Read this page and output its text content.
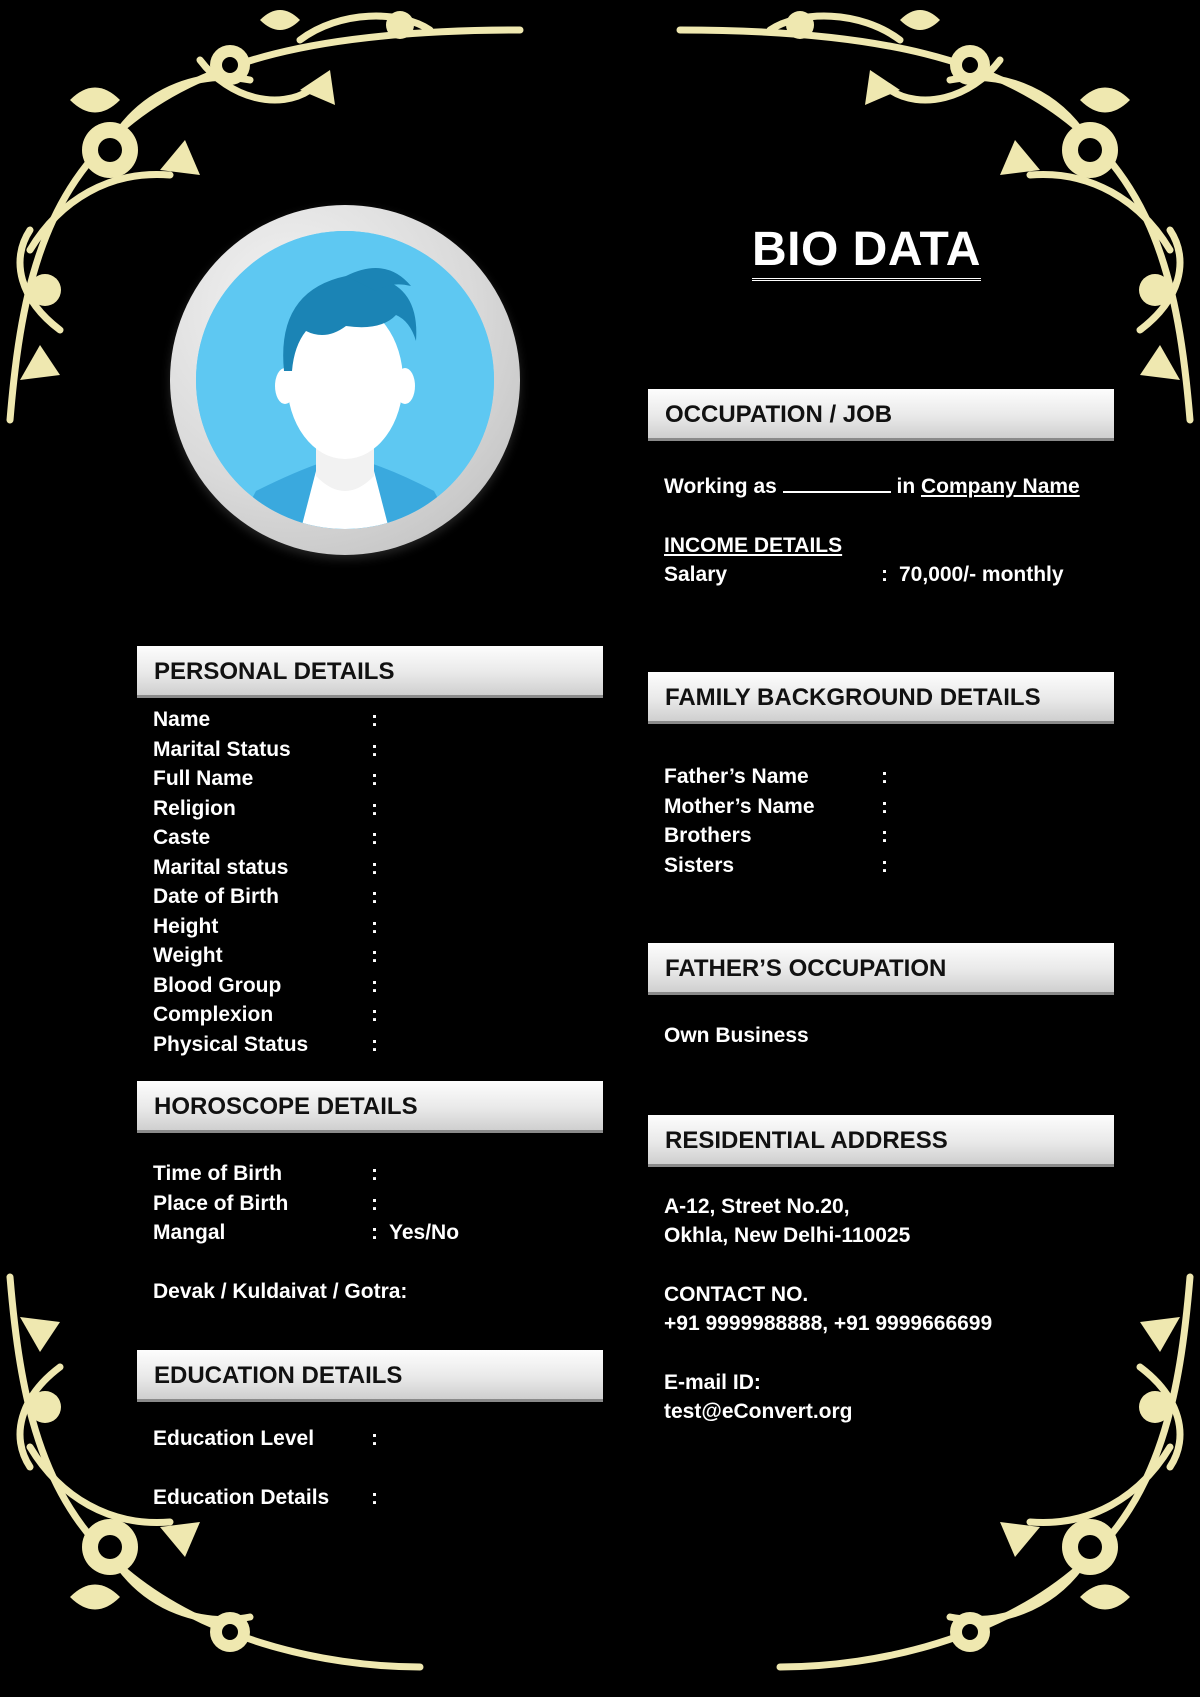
BIO DATA
PERSONAL DETAILS
Name	:
Marital Status	:
Full Name	:
Religion	:
Caste	:
Marital status	:
Date of Birth	:
Height	:
Weight	:
Blood Group	:
Complexion	:
Physical Status	:
HOROSCOPE DETAILS
Time of Birth	:
Place of Birth	:
Mangal	: Yes/No
Devak / Kuldaivat / Gotra:
EDUCATION DETAILS
Education Level	:
Education Details :
OCCUPATION / JOB
Working as	in Company Name
INCOME DETAILS
Salary	: 70,000/- monthly
FAMILY BACKGROUND DETAILS
Father’s Name	:
Mother’s Name	:
Brothers	:
Sisters	:
FATHER’S OCCUPATION
Own Business
RESIDENTIAL ADDRESS
A-12, Street No.20,
Okhla, New Delhi-110025
CONTACT NO.
+91 9999988888, +91 9999666699
E-mail ID:
test@eConvert.org
